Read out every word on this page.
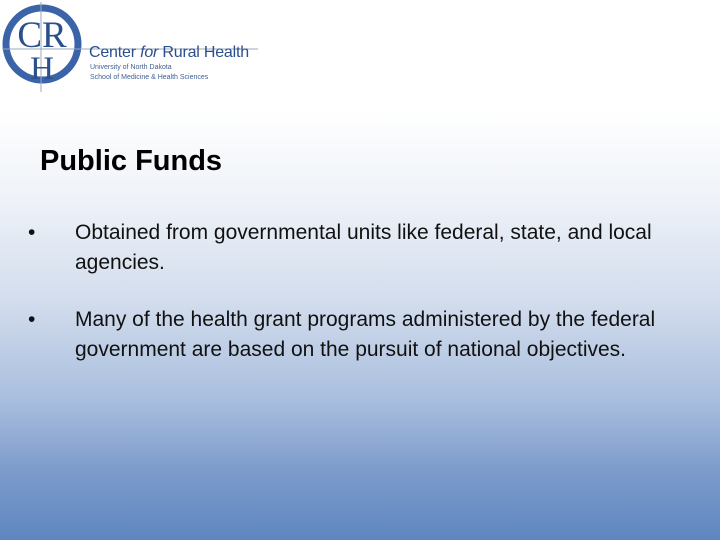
CR
H Center for Rural Health
University of North Dakota
School of Medicine & Health Sciences
Public Funds
• Obtained from governmental units like federal, state, and local agencies.
• Many of the health grant programs administered by the federal government are based on the pursuit of national objectives.
